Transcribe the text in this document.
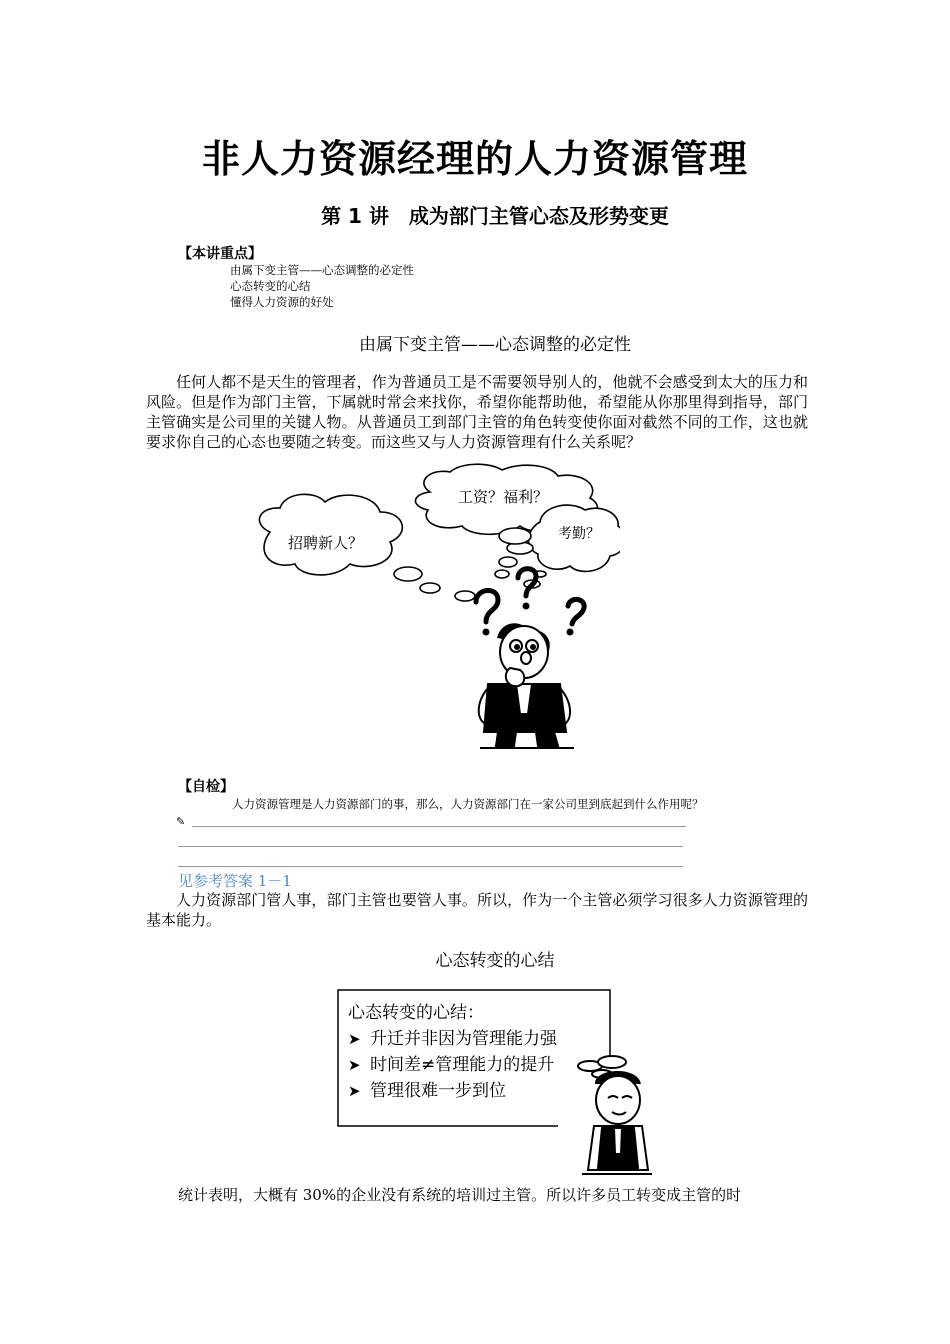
非人力资源经理的人力资源管理
第 1 讲　成为部门主管心态及形势变更
【本讲重点】
由属下变主管——心态调整的必定性
心态转变的心结
懂得人力资源的好处
由属下变主管——心态调整的必定性
任何人都不是天生的管理者，作为普通员工是不需要领导别人的，他就不会感受到太大的压力和风险。但是作为部门主管，下属就时常会来找你，希望你能帮助他，希望能从你那里得到指导，部门主管确实是公司里的关键人物。从普通员工到部门主管的角色转变使你面对截然不同的工作，这也就要求你自己的心态也要随之转变。而这些又与人力资源管理有什么关系呢？
招聘新人？
工资？福利？
考勤？
【自检】
人力资源管理是人力资源部门的事，那么，人力资源部门在一家公司里到底起到什么作用呢？
✎
见参考答案 1－1
人力资源部门管人事，部门主管也要管人事。所以，作为一个主管必须学习很多人力资源管理的基本能力。
心态转变的心结
心态转变的心结：
➤ 升迁并非因为管理能力强
➤ 时间差≠管理能力的提升
➤ 管理很难一步到位
统计表明，大概有 30%的企业没有系统的培训过主管。所以许多员工转变成主管的时
